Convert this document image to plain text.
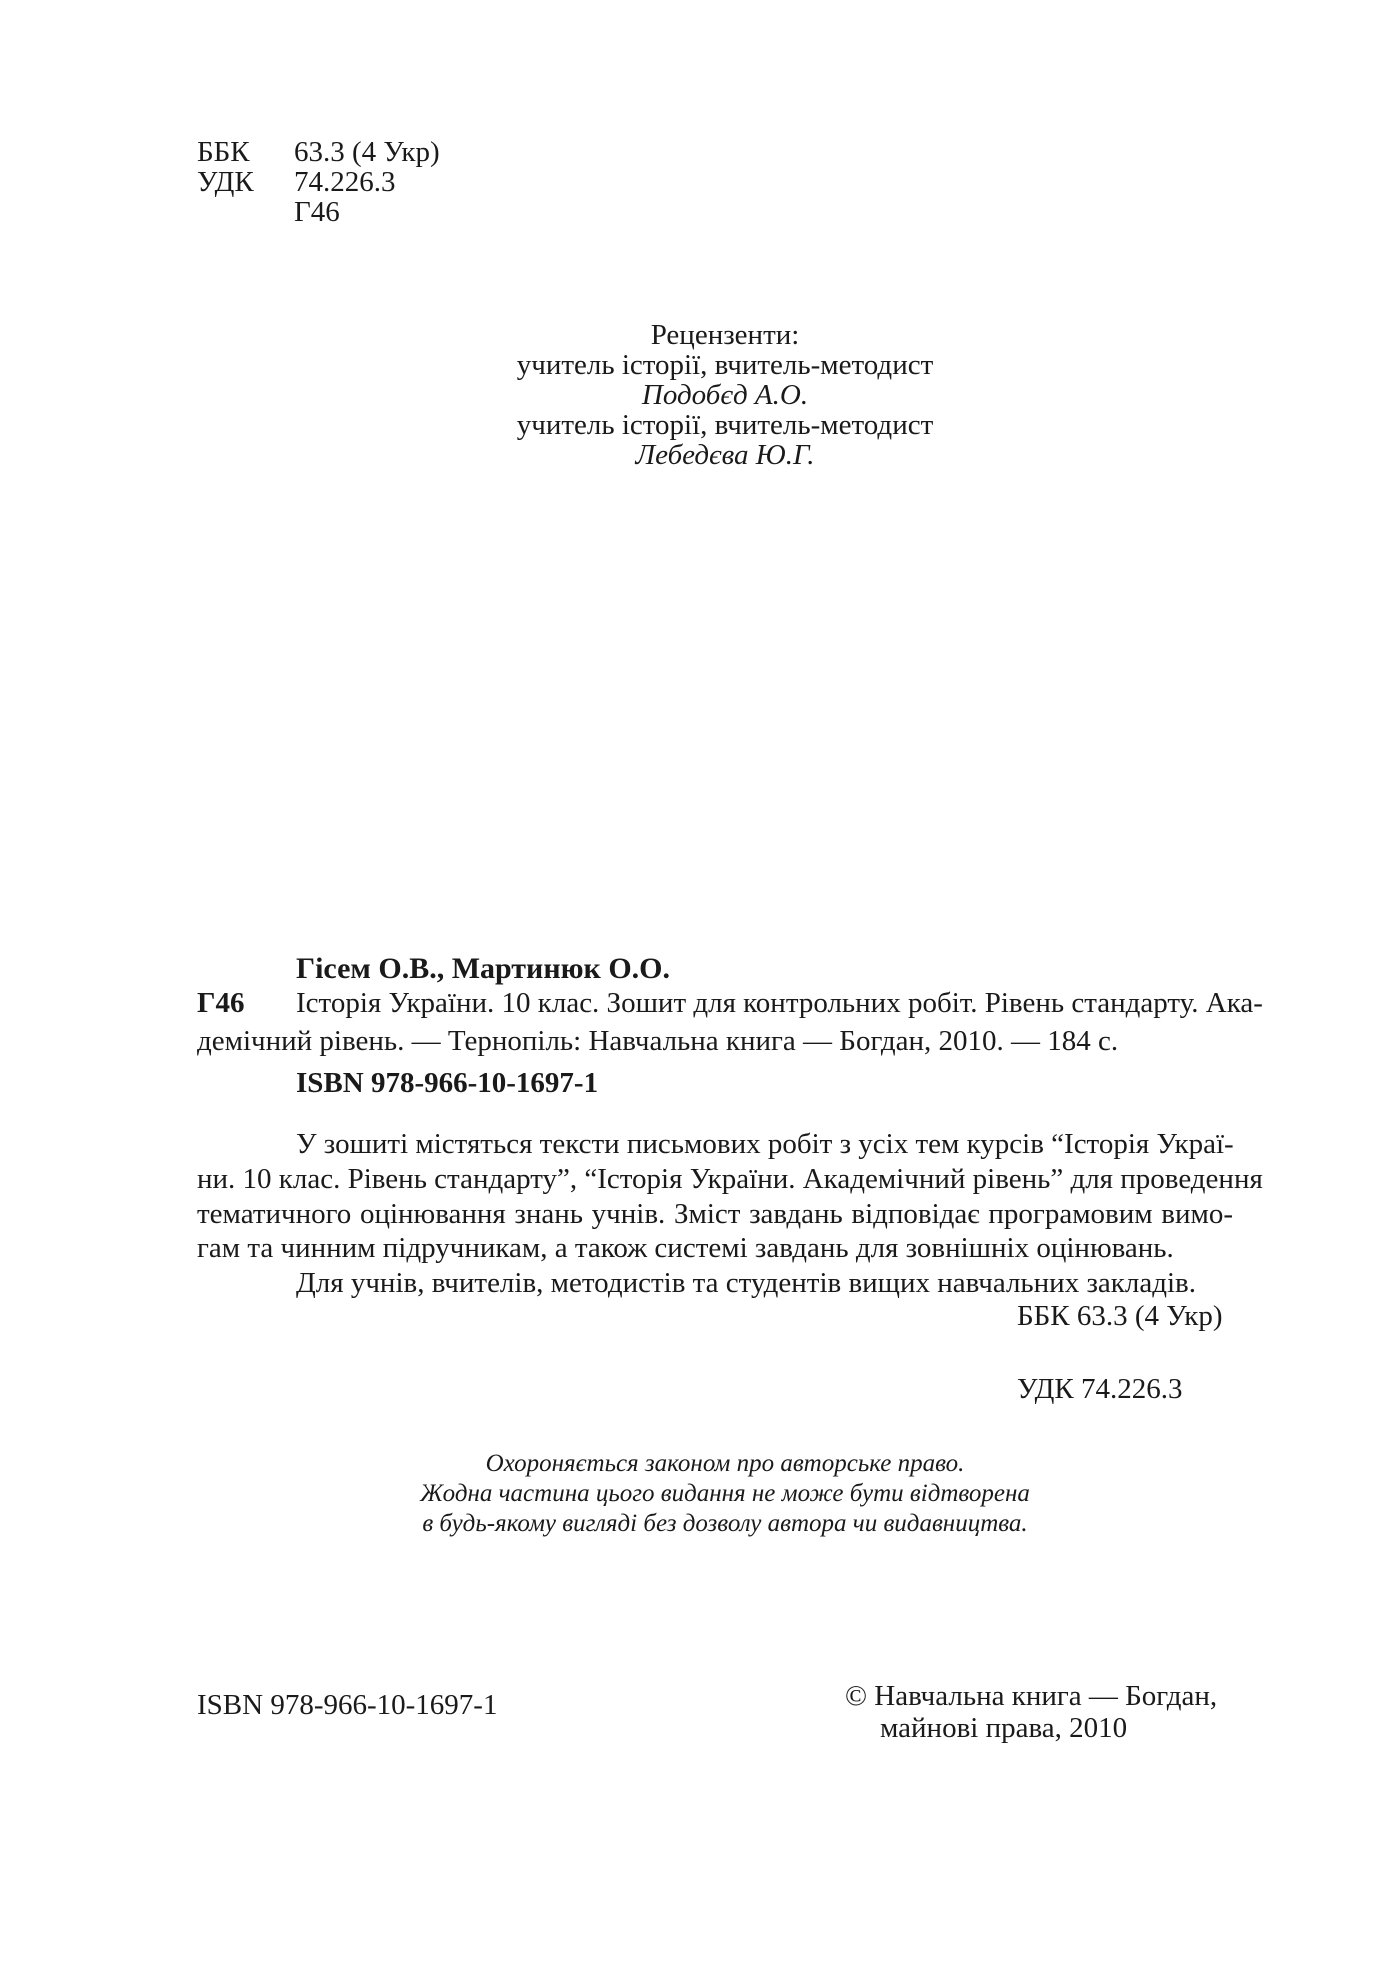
ББК 63.3 (4 Укр)
УДК 74.226.3
Г46
Рецензенти:
учитель історії, вчитель-методист
Подобєд А.О.
учитель історії, вчитель-методист
Лебедєва Ю.Г.
Гісем О.В., Мартинюк О.О.
Г46 Історія України. 10 клас. Зошит для контрольних робіт. Рівень стандарту. Ака-
демічний рівень. — Тернопіль: Навчальна книга — Богдан, 2010. — 184 с.
ISBN 978-966-10-1697-1
У зошиті містяться тексти письмових робіт з усіх тем курсів “Історія Украї-
ни. 10 клас. Рівень стандарту”, “Історія України. Академічний рівень” для проведення
тематичного оцінювання знань учнів. Зміст завдань відповідає програмовим вимо-
гам та чинним підручникам, а також системі завдань для зовнішніх оцінювань.
Для учнів, вчителів, методистів та студентів вищих навчальних закладів.
ББК 63.3 (4 Укр)
УДК 74.226.3
Охороняється законом про авторське право.
Жодна частина цього видання не може бути відтворена
в будь-якому вигляді без дозволу автора чи видавництва.
ISBN 978-966-10-1697-1	© Навчальна книга — Богдан,
майнові права, 2010
